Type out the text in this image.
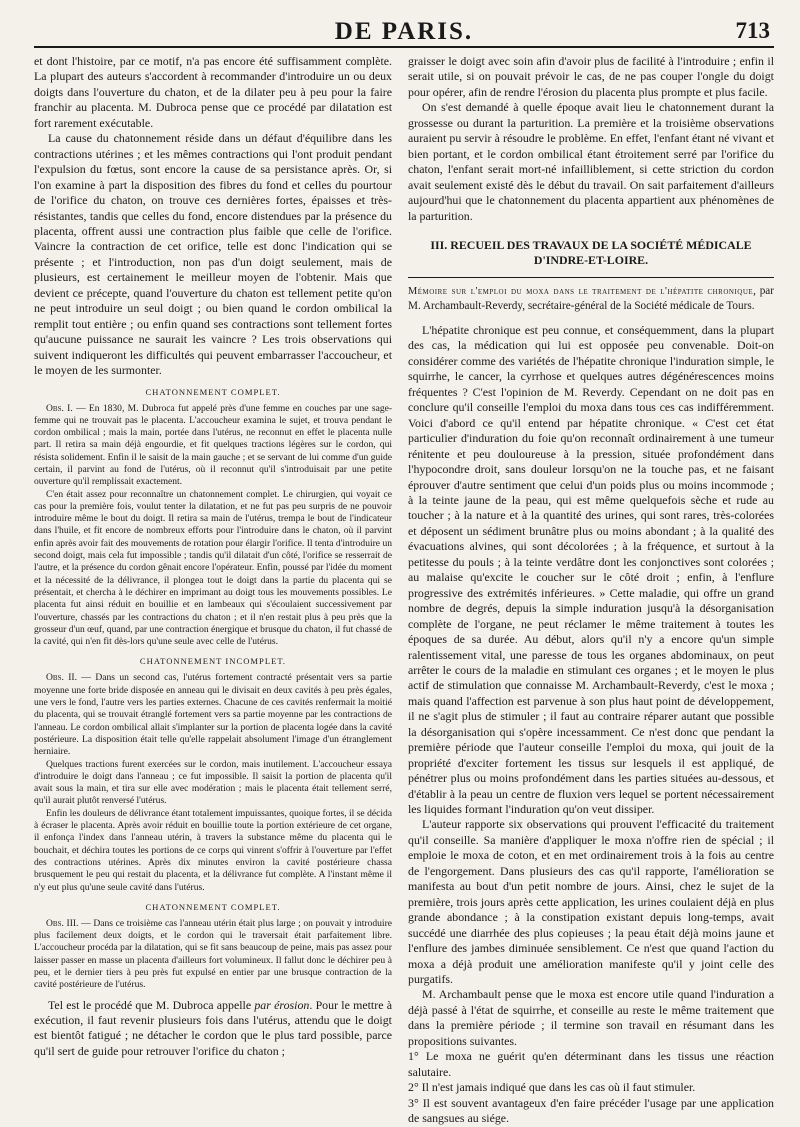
DE PARIS.	713

et dont l'histoire, par ce motif, n'a pas encore été suffisamment complète. La plupart des auteurs s'accordent à recommander d'introduire un ou deux doigts dans l'ouverture du chaton, et de la dilater peu à peu pour la faire franchir au placenta. M. Dubroca pense que ce procédé par dilatation est fort rarement exécutable.

La cause du chatonnement réside dans un défaut d'équilibre dans les contractions utérines ; et les mêmes contractions qui l'ont produit pendant l'expulsion du fœtus, sont encore la cause de sa persistance après. Or, si l'on examine à part la disposition des fibres du fond et celles du pourtour de l'orifice du chaton, on trouve ces dernières fortes, épaisses et très-résistantes, tandis que celles du fond, encore distendues par la présence du placenta, offrent aussi une contraction plus faible que celle de l'orifice. Vaincre la contraction de cet orifice, telle est donc l'indication qui se présente ; et l'introduction, non pas d'un doigt seulement, mais de plusieurs, est certainement le meilleur moyen de l'obtenir. Mais que devient ce précepte, quand l'ouverture du chaton est tellement petite qu'on ne peut introduire un seul doigt ; ou bien quand le cordon ombilical la remplit tout entière ; ou enfin quand ses contractions sont tellement fortes qu'aucune puissance ne saurait les vaincre ? Les trois observations qui suivent indiqueront les difficultés qui peuvent embarrasser l'accoucheur, et le moyen de les surmonter.

CHATONNEMENT COMPLET.

Obs. I. — En 1830, M. Dubroca fut appelé près d'une femme en couches par une sage-femme qui ne trouvait pas le placenta. L'accoucheur examina le sujet, et trouva pendant le cordon ombilical ; mais la main, portée dans l'utérus, ne reconnut en effet le placenta nulle part. Il retira sa main déjà engourdie, et fit quelques tractions légères sur le cordon, qui résista solidement. Enfin il le saisit de la main gauche ; et se servant de lui comme d'un guide certain, il parvint au fond de l'utérus, où il reconnut qu'il s'introduisait par une petite ouverture qu'il remplissait exactement.

C'en était assez pour reconnaître un chatonnement complet. Le chirurgien, qui voyait ce cas pour la première fois, voulut tenter la dilatation, et ne fut pas peu surpris de ne pouvoir introduire même le bout du doigt. Il retira sa main de l'utérus, trempa le bout de l'indicateur dans l'huile, et fit encore de nombreux efforts pour l'introduire dans le chaton, où il parvint enfin après avoir fait des mouvements de rotation pour élargir l'orifice. Il tenta d'introduire un second doigt, mais cela fut impossible ; tandis qu'il dilatait d'un côté, l'orifice se resserrait de l'autre, et la présence du cordon gênait encore l'opérateur. Enfin, poussé par l'idée du moment et la nécessité de la délivrance, il plongea tout le doigt dans la partie du placenta qui se présentait, et chercha à le déchirer en imprimant au doigt tous les mouvements possibles. Le placenta fut ainsi réduit en bouillie et en lambeaux qui s'écoulaient successivement par l'ouverture, chassés par les contractions du chaton ; et il n'en restait plus à peu près que la grosseur d'un œuf, quand, par une contraction énergique et brusque du chaton, il fut chassé de la cavité, qui n'en fit dès-lors qu'une seule avec celle de l'utérus.

CHATONNEMENT INCOMPLET.

Obs. II. — Dans un second cas, l'utérus fortement contracté présentait vers sa partie moyenne une forte bride disposée en anneau qui le divisait en deux cavités à peu près égales, une vers le fond, l'autre vers les parties externes. Chacune de ces cavités renfermait la moitié du placenta, qui se trouvait étranglé fortement vers sa partie moyenne par les contractions de l'anneau. Le cordon ombilical allait s'implanter sur la portion de placenta logée dans la cavité postérieure. La disposition était telle qu'elle rappelait absolument l'image d'un étranglement herniaire.

Quelques tractions furent exercées sur le cordon, mais inutilement. L'accoucheur essaya d'introduire le doigt dans l'anneau ; ce fut impossible. Il saisit la portion de placenta qu'il avait sous la main, et tira sur elle avec modération ; mais le placenta était tellement serré, qu'il aurait plutôt renversé l'utérus.

Enfin les douleurs de délivrance étant totalement impuissantes, quoique fortes, il se décida à écraser le placenta. Après avoir réduit en bouillie toute la portion extérieure de cet organe, il enfonça l'index dans l'anneau utérin, à travers la substance même du placenta qui le bouchait, et déchira toutes les portions de ce corps qui vinrent s'offrir à l'ouverture par l'effet des contractions utérines. Après dix minutes environ la cavité postérieure chassa brusquement le peu qui restait du placenta, et la délivrance fut complète. A l'instant même il n'y eut plus qu'une seule cavité dans l'utérus.

CHATONNEMENT COMPLET.

Obs. III. — Dans ce troisième cas l'anneau utérin était plus large ; on pouvait y introduire plus facilement deux doigts, et le cordon qui le traversait était parfaitement libre. L'accoucheur procéda par la dilatation, qui se fit sans beaucoup de peine, mais pas assez pour laisser passer en masse un placenta d'ailleurs fort volumineux. Il fallut donc le déchirer peu à peu, et le dernier tiers à peu près fut expulsé en entier par une brusque contraction de la cavité postérieure de l'utérus.

Tel est le procédé que M. Dubroca appelle par érosion. Pour le mettre à exécution, il faut revenir plusieurs fois dans l'utérus, attendu que le doigt est bientôt fatigué ; ne détacher le cordon que le plus tard possible, parce qu'il sert de guide pour retrouver l'orifice du chaton ;

graisser le doigt avec soin afin d'avoir plus de facilité à l'introduire ; enfin il serait utile, si on pouvait prévoir le cas, de ne pas couper l'ongle du doigt pour opérer, afin de rendre l'érosion du placenta plus prompte et plus facile.

On s'est demandé à quelle époque avait lieu le chatonnement durant la grossesse ou durant la parturition. La première et la troisième observations auraient pu servir à résoudre le problème. En effet, l'enfant étant né vivant et bien portant, et le cordon ombilical étant étroitement serré par l'orifice du chaton, l'enfant serait mort-né infailliblement, si cette striction du cordon avait seulement existé dès le début du travail. On sait parfaitement d'ailleurs aujourd'hui que le chatonnement du placenta appartient aux phénomènes de la parturition.

III. RECUEIL DES TRAVAUX DE LA SOCIÉTÉ MÉDICALE D'INDRE-ET-LOIRE.
Mémoire sur l'emploi du moxa dans le traitement de l'hépatite chronique, par M. Archambault-Reverdy, secrétaire-général de la Société médicale de Tours.

L'hépatite chronique est peu connue, et conséquemment, dans la plupart des cas, la médication qui lui est opposée peu convenable. Doit-on considérer comme des variétés de l'hépatite chronique l'induration simple, le squirrhe, le cancer, la cyrrhose et quelques autres dégénérescences moins fréquentes ? C'est l'opinion de M. Reverdy. Cependant on ne doit pas en conclure qu'il conseille l'emploi du moxa dans tous ces cas indifféremment. Voici d'abord ce qu'il entend par hépatite chronique. « C'est cet état particulier d'induration du foie qu'on reconnaît ordinairement à une tumeur rénitente et peu douloureuse à la pression, située profondément dans l'hypocondre droit, sans douleur lorsqu'on ne la touche pas, et ne faisant éprouver d'autre sentiment que celui d'un poids plus ou moins incommode ; à la teinte jaune de la peau, qui est même quelquefois sèche et rude au toucher ; à la nature et à la quantité des urines, qui sont rares, très-colorées et déposent un sédiment brunâtre plus ou moins abondant ; à la qualité des évacuations alvines, qui sont décolorées ; à la fréquence, et surtout à la petitesse du pouls ; à la teinte verdâtre dont les conjonctives sont colorées ; au malaise qu'excite le coucher sur le côté droit ; enfin, à l'enflure progressive des extrémités inférieures. » Cette maladie, qui offre un grand nombre de degrés, depuis la simple induration jusqu'à la désorganisation complète de l'organe, ne peut réclamer le même traitement à toutes les époques de sa durée. Au début, alors qu'il n'y a encore qu'un simple ralentissement vital, une paresse de tous les organes abdominaux, on peut arrêter le cours de la maladie en stimulant ces organes ; et le moyen le plus actif de stimulation que connaisse M. Archambault-Reverdy, c'est le moxa ; mais quand l'affection est parvenue à son plus haut point de développement, il ne s'agit plus de stimuler ; il faut au contraire réparer autant que possible la désorganisation qui s'opère incessamment. Ce n'est donc que pendant la première période que l'auteur conseille l'emploi du moxa, qui jouit de la propriété d'exciter fortement les tissus sur lesquels il est appliqué, de pénétrer plus ou moins profondément dans les parties situées au-dessous, et d'établir à la peau un centre de fluxion vers lequel se portent nécessairement les liquides formant l'induration qu'on veut dissiper.

L'auteur rapporte six observations qui prouvent l'efficacité du traitement qu'il conseille. Sa manière d'appliquer le moxa n'offre rien de spécial ; il emploie le moxa de coton, et en met ordinairement trois à la fois au centre de l'engorgement. Dans plusieurs des cas qu'il rapporte, l'amélioration se manifesta au bout d'un petit nombre de jours. Ainsi, chez le sujet de la première, trois jours après cette application, les urines coulaient déjà en plus grande abondance ; à la constipation existant depuis long-temps, avait succédé une diarrhée des plus copieuses ; la peau était déjà moins jaune et l'enflure des jambes diminuée sensiblement. Ce n'est que quand l'action du moxa a déjà produit une amélioration manifeste qu'il y joint celle des purgatifs.

M. Archambault pense que le moxa est encore utile quand l'induration a déjà passé à l'état de squirrhe, et conseille au reste le même traitement que dans la première période ; il termine son travail en résumant dans les propositions suivantes.

1° Le moxa ne guérit qu'en déterminant dans les tissus une réaction salutaire.

2° Il n'est jamais indiqué que dans les cas où il faut stimuler.

3° Il est souvent avantageux d'en faire précéder l'usage par une application de sangsues au siége.
